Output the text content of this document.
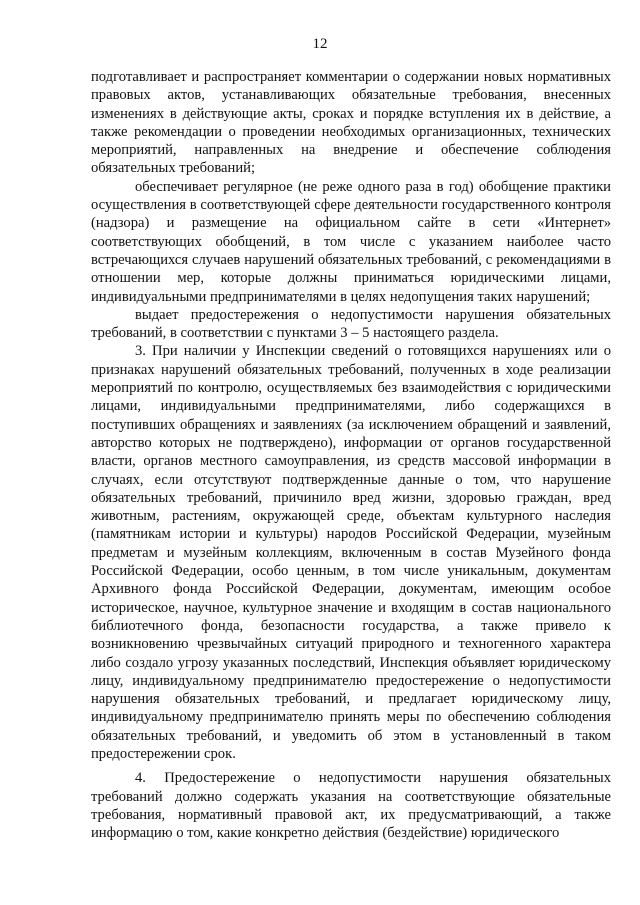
12

подготавливает и распространяет комментарии о содержании новых нормативных правовых актов, устанавливающих обязательные требования, внесенных изменениях в действующие акты, сроках и порядке вступления их в действие, а также рекомендации о проведении необходимых организационных, технических мероприятий, направленных на внедрение и обеспечение соблюдения обязательных требований;

обеспечивает регулярное (не реже одного раза в год) обобщение практики осуществления в соответствующей сфере деятельности государственного контроля (надзора) и размещение на официальном сайте в сети «Интернет» соответствующих обобщений, в том числе с указанием наиболее часто встречающихся случаев нарушений обязательных требований, с рекомендациями в отношении мер, которые должны приниматься юридическими лицами, индивидуальными предпринимателями в целях недопущения таких нарушений;

выдает предостережения о недопустимости нарушения обязательных требований, в соответствии с пунктами 3 – 5 настоящего раздела.

3. При наличии у Инспекции сведений о готовящихся нарушениях или о признаках нарушений обязательных требований, полученных в ходе реализации мероприятий по контролю, осуществляемых без взаимодействия с юридическими лицами, индивидуальными предпринимателями, либо содержащихся в поступивших обращениях и заявлениях (за исключением обращений и заявлений, авторство которых не подтверждено), информации от органов государственной власти, органов местного самоуправления, из средств массовой информации в случаях, если отсутствуют подтвержденные данные о том, что нарушение обязательных требований, причинило вред жизни, здоровью граждан, вред животным, растениям, окружающей среде, объектам культурного наследия (памятникам истории и культуры) народов Российской Федерации, музейным предметам и музейным коллекциям, включенным в состав Музейного фонда Российской Федерации, особо ценным, в том числе уникальным, документам Архивного фонда Российской Федерации, документам, имеющим особое историческое, научное, культурное значение и входящим в состав национального библиотечного фонда, безопасности государства, а также привело к возникновению чрезвычайных ситуаций природного и техногенного характера либо создало угрозу указанных последствий, Инспекция объявляет юридическому лицу, индивидуальному предпринимателю предостережение о недопустимости нарушения обязательных требований, и предлагает юридическому лицу, индивидуальному предпринимателю принять меры по обеспечению соблюдения обязательных требований, и уведомить об этом в установленный в таком предостережении срок.

4. Предостережение о недопустимости нарушения обязательных требований должно содержать указания на соответствующие обязательные требования, нормативный правовой акт, их предусматривающий, а также информацию о том, какие конкретно действия (бездействие) юридического
